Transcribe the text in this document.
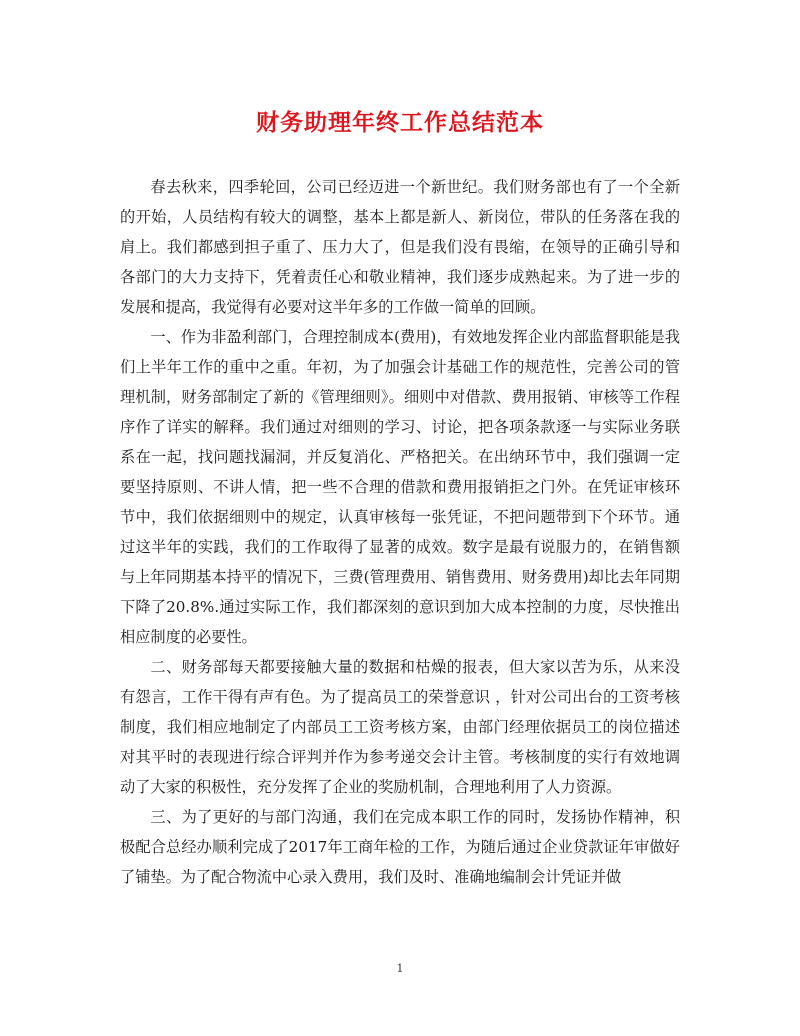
财务助理年终工作总结范本

春去秋来，四季轮回，公司已经迈进一个新世纪。我们财务部也有了一个全新的开始，人员结构有较大的调整，基本上都是新人、新岗位，带队的任务落在我的肩上。我们都感到担子重了、压力大了，但是我们没有畏缩，在领导的正确引导和各部门的大力支持下，凭着责任心和敬业精神，我们逐步成熟起来。为了进一步的发展和提高，我觉得有必要对这半年多的工作做一简单的回顾。

一、作为非盈利部门，合理控制成本(费用)，有效地发挥企业内部监督职能是我们上半年工作的重中之重。年初，为了加强会计基础工作的规范性，完善公司的管理机制，财务部制定了新的《管理细则》。细则中对借款、费用报销、审核等工作程序作了详实的解释。我们通过对细则的学习、讨论，把各项条款逐一与实际业务联系在一起，找问题找漏洞，并反复消化、严格把关。在出纳环节中，我们强调一定要坚持原则、不讲人情，把一些不合理的借款和费用报销拒之门外。在凭证审核环节中，我们依据细则中的规定，认真审核每一张凭证，不把问题带到下个环节。通过这半年的实践，我们的工作取得了显著的成效。数字是最有说服力的，在销售额与上年同期基本持平的情况下，三费(管理费用、销售费用、财务费用)却比去年同期下降了20.8%.通过实际工作，我们都深刻的意识到加大成本控制的力度，尽快推出相应制度的必要性。

二、财务部每天都要接触大量的数据和枯燥的报表，但大家以苦为乐，从来没有怨言，工作干得有声有色。为了提高员工的荣誉意识 ，针对公司出台的工资考核制度，我们相应地制定了内部员工工资考核方案，由部门经理依据员工的岗位描述对其平时的表现进行综合评判并作为参考递交会计主管。考核制度的实行有效地调动了大家的积极性，充分发挥了企业的奖励机制，合理地利用了人力资源。

三、为了更好的与部门沟通，我们在完成本职工作的同时，发扬协作精神，积极配合总经办顺利完成了2017年工商年检的工作，为随后通过企业贷款证年审做好了铺垫。为了配合物流中心录入费用，我们及时、准确地编制会计凭证并做

1
